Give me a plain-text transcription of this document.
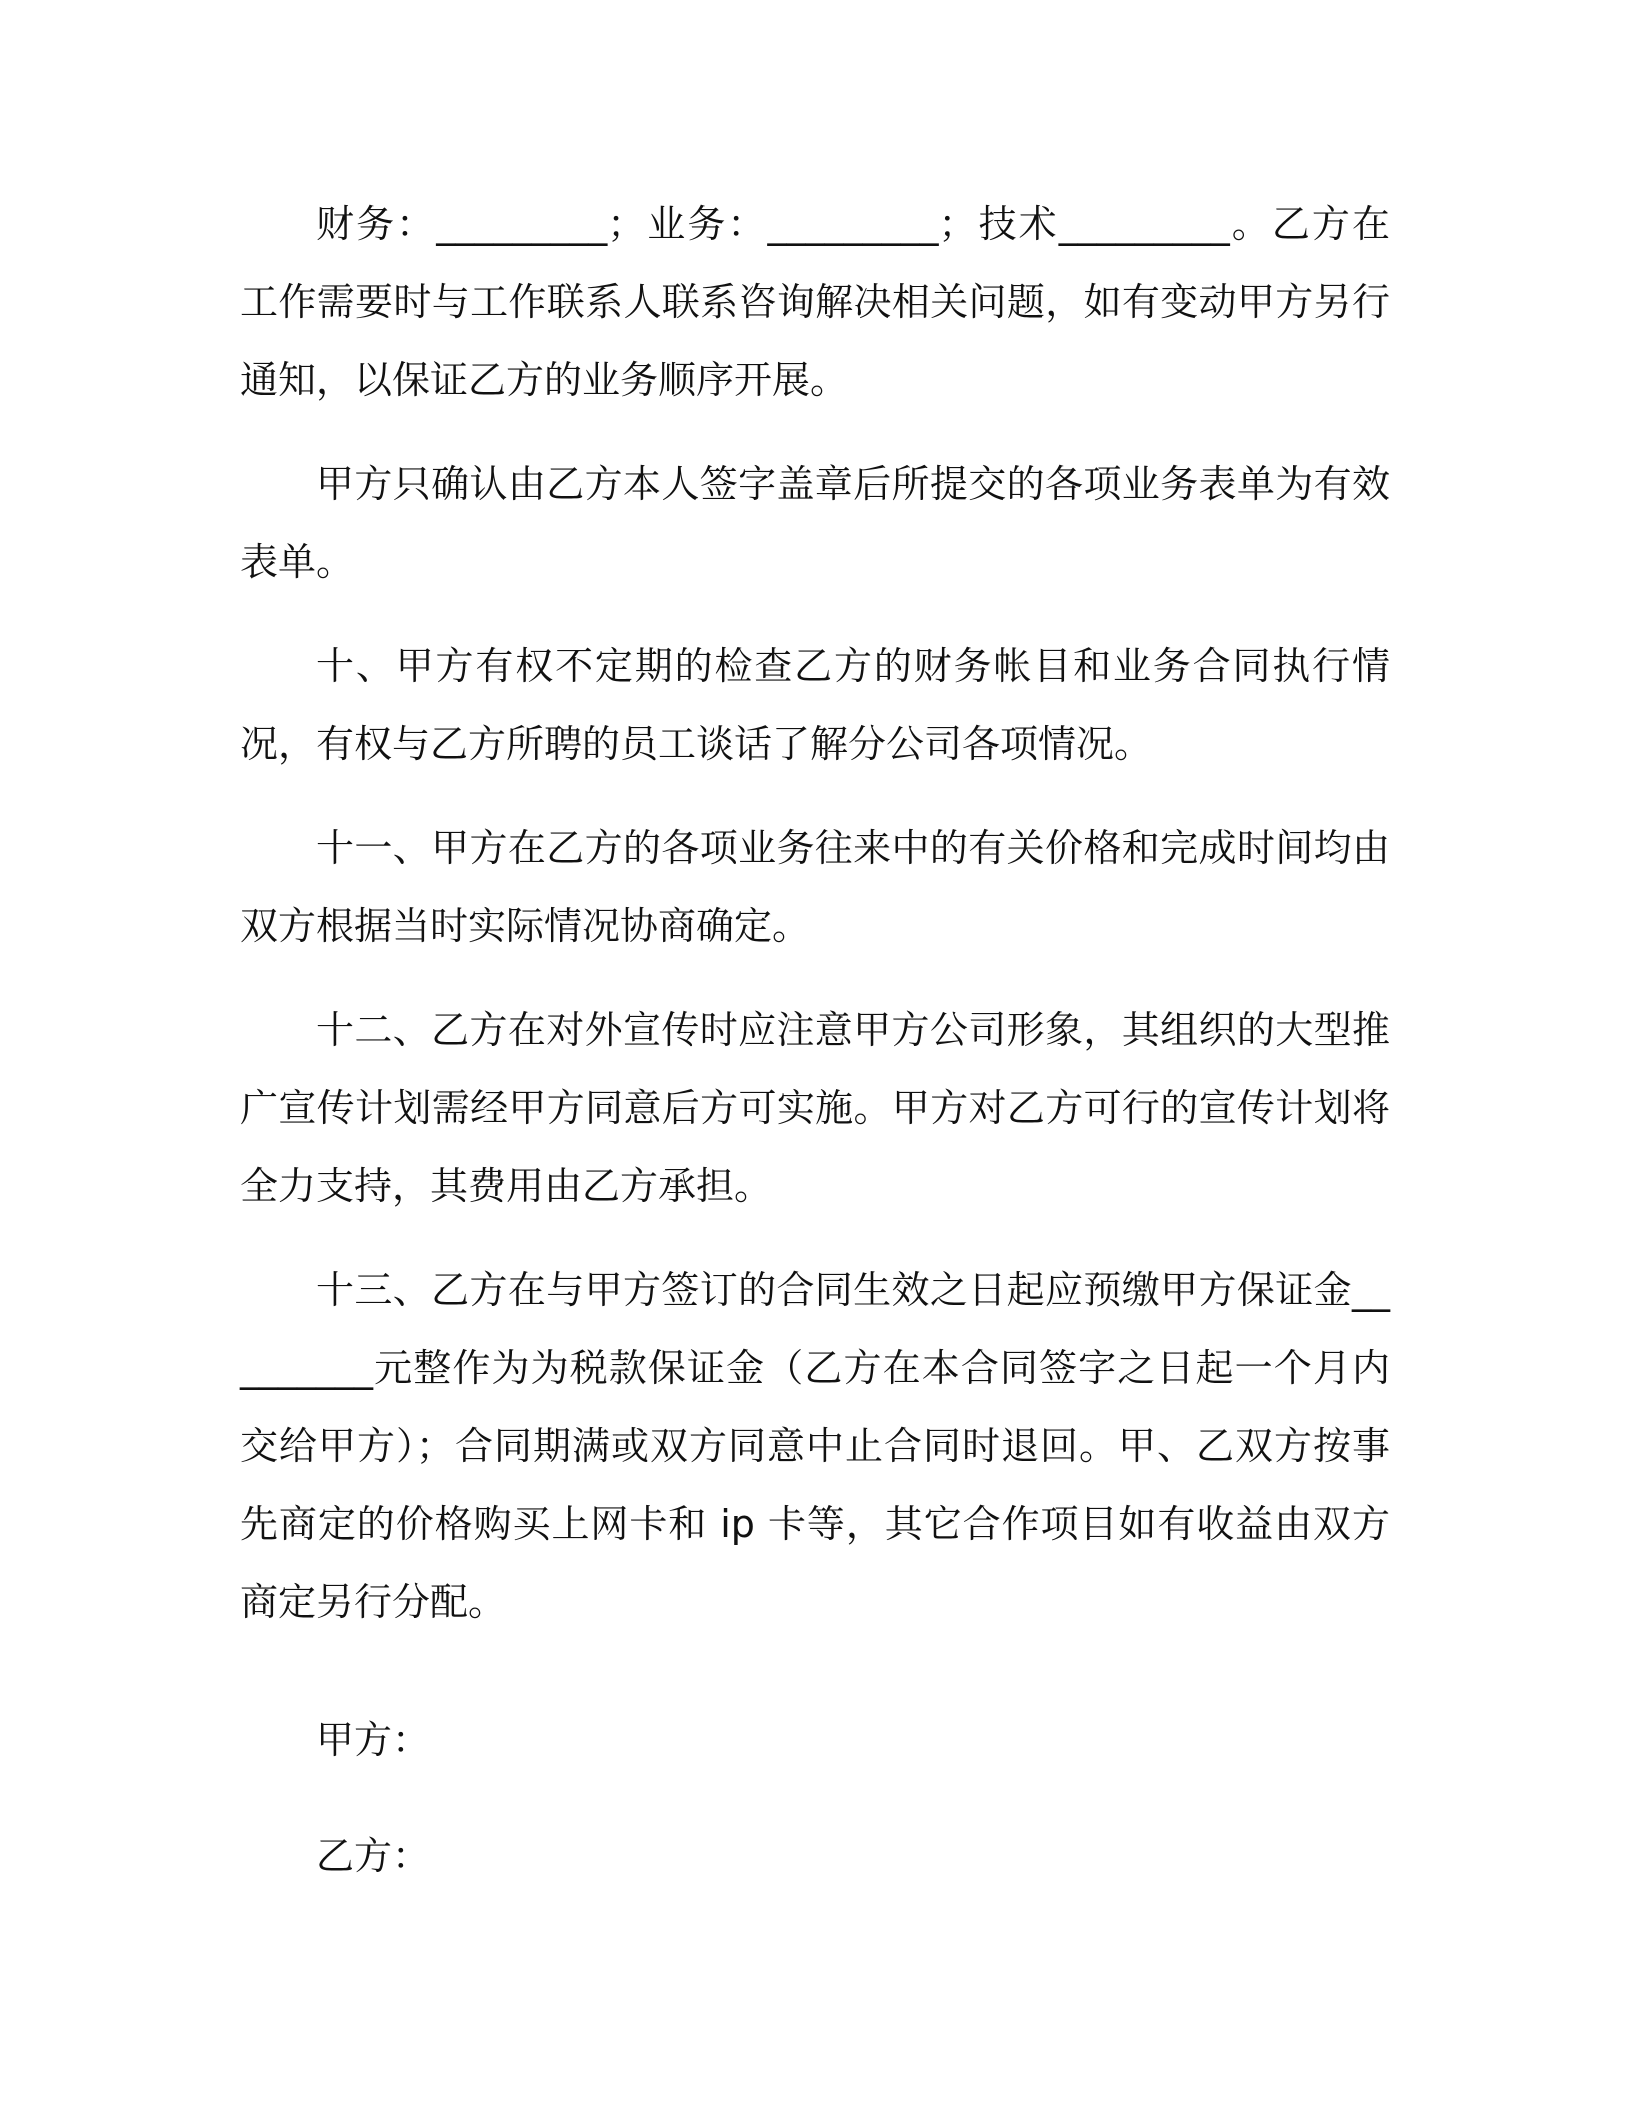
财务：_________；业务：_________；技术_________。乙方在工作需要时与工作联系人联系咨询解决相关问题，如有变动甲方另行通知，以保证乙方的业务顺序开展。

甲方只确认由乙方本人签字盖章后所提交的各项业务表单为有效表单。

十、甲方有权不定期的检查乙方的财务帐目和业务合同执行情况，有权与乙方所聘的员工谈话了解分公司各项情况。

十一、甲方在乙方的各项业务往来中的有关价格和完成时间均由双方根据当时实际情况协商确定。

十二、乙方在对外宣传时应注意甲方公司形象，其组织的大型推广宣传计划需经甲方同意后方可实施。甲方对乙方可行的宣传计划将全力支持，其费用由乙方承担。

十三、乙方在与甲方签订的合同生效之日起应预缴甲方保证金_________元整作为为税款保证金（乙方在本合同签字之日起一个月内交给甲方）；合同期满或双方同意中止合同时退回。甲、乙双方按事先商定的价格购买上网卡和 ip 卡等，其它合作项目如有收益由双方商定另行分配。

甲方：

乙方：
